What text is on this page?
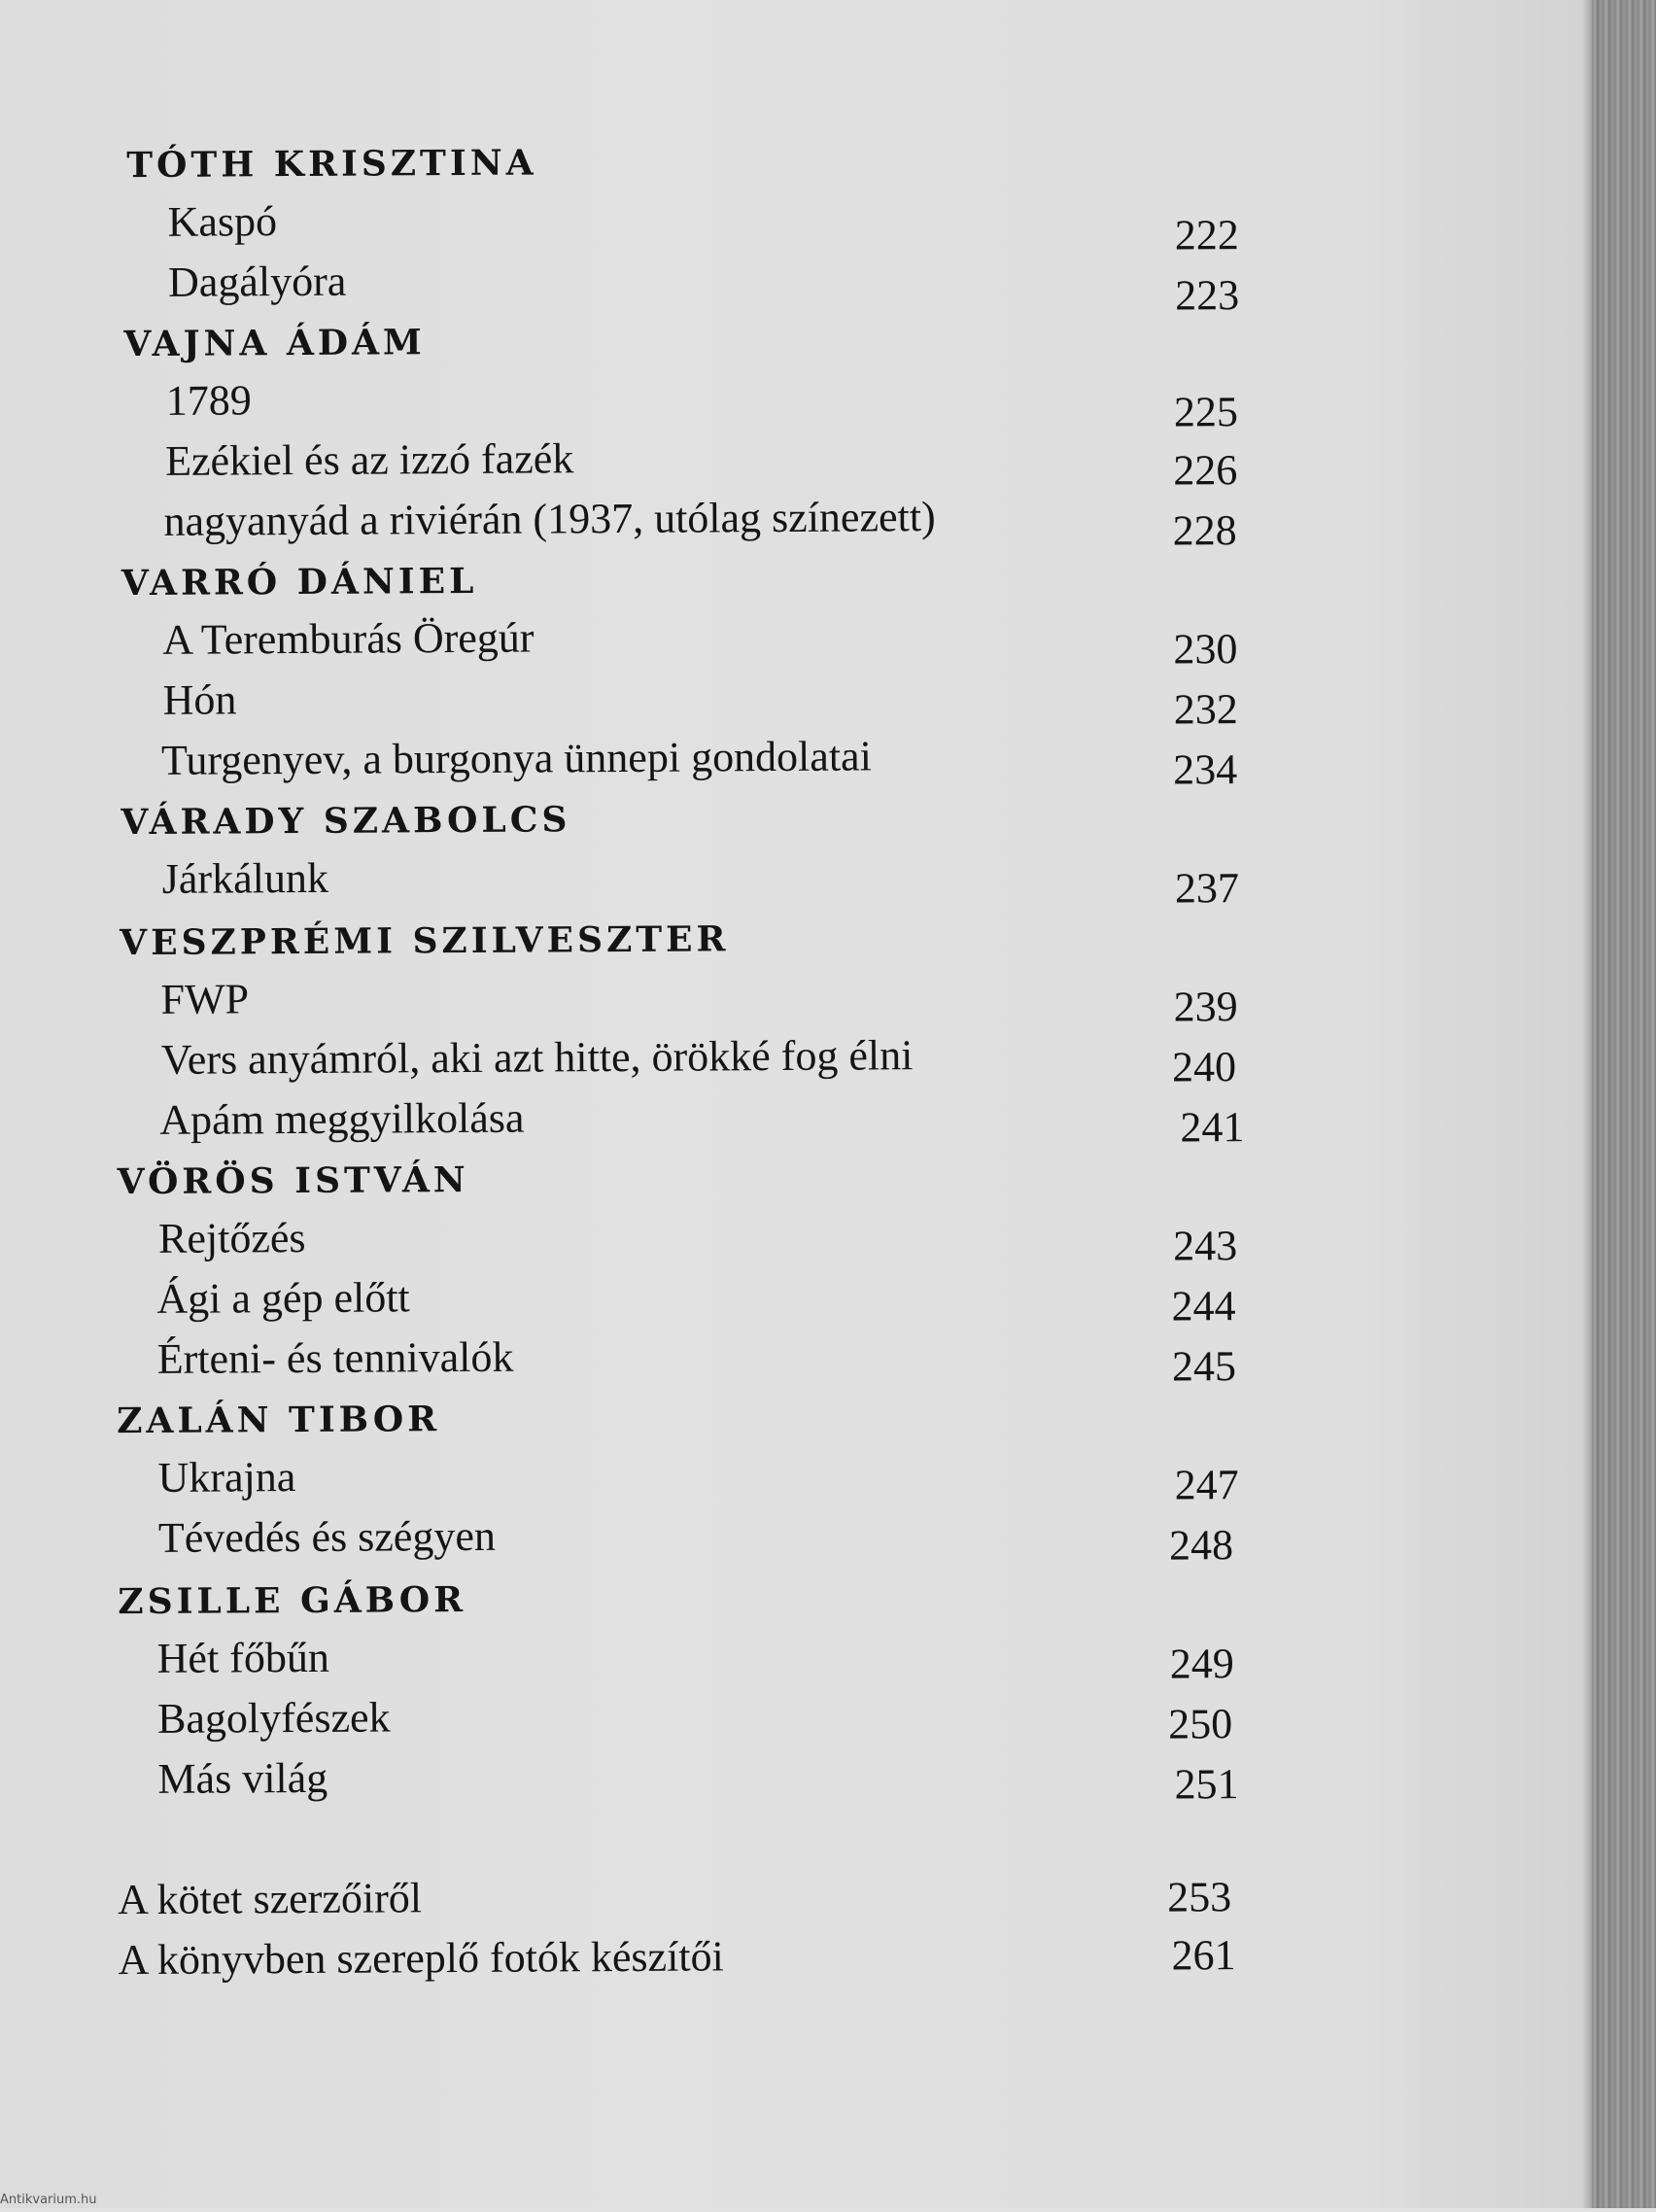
TÓTH KRISZTINA
Kaspó	222
Dagályóra	223
VAJNA ÁDÁM
1789	225
Ezékiel és az izzó fazék	226
nagyanyád a riviérán (1937, utólag színezett)	228
VARRÓ DÁNIEL
A Teremburás Öregúr	230
Hón	232
Turgenyev, a burgonya ünnepi gondolatai	234
VÁRADY SZABOLCS
Járkálunk	237
VESZPRÉMI SZILVESZTER
FWP	239
Vers anyámról, aki azt hitte, örökké fog élni	240
Apám meggyilkolása	241
VÖRÖS ISTVÁN
Rejtőzés	243
Ági a gép előtt	244
Érteni- és tennivalók	245
ZALÁN TIBOR
Ukrajna	247
Tévedés és szégyen	248
ZSILLE GÁBOR
Hét főbűn	249
Bagolyfészek	250
Más világ	251
A kötet szerzőiről	253
A könyvben szereplő fotók készítői	261
Antikvarium.hu
